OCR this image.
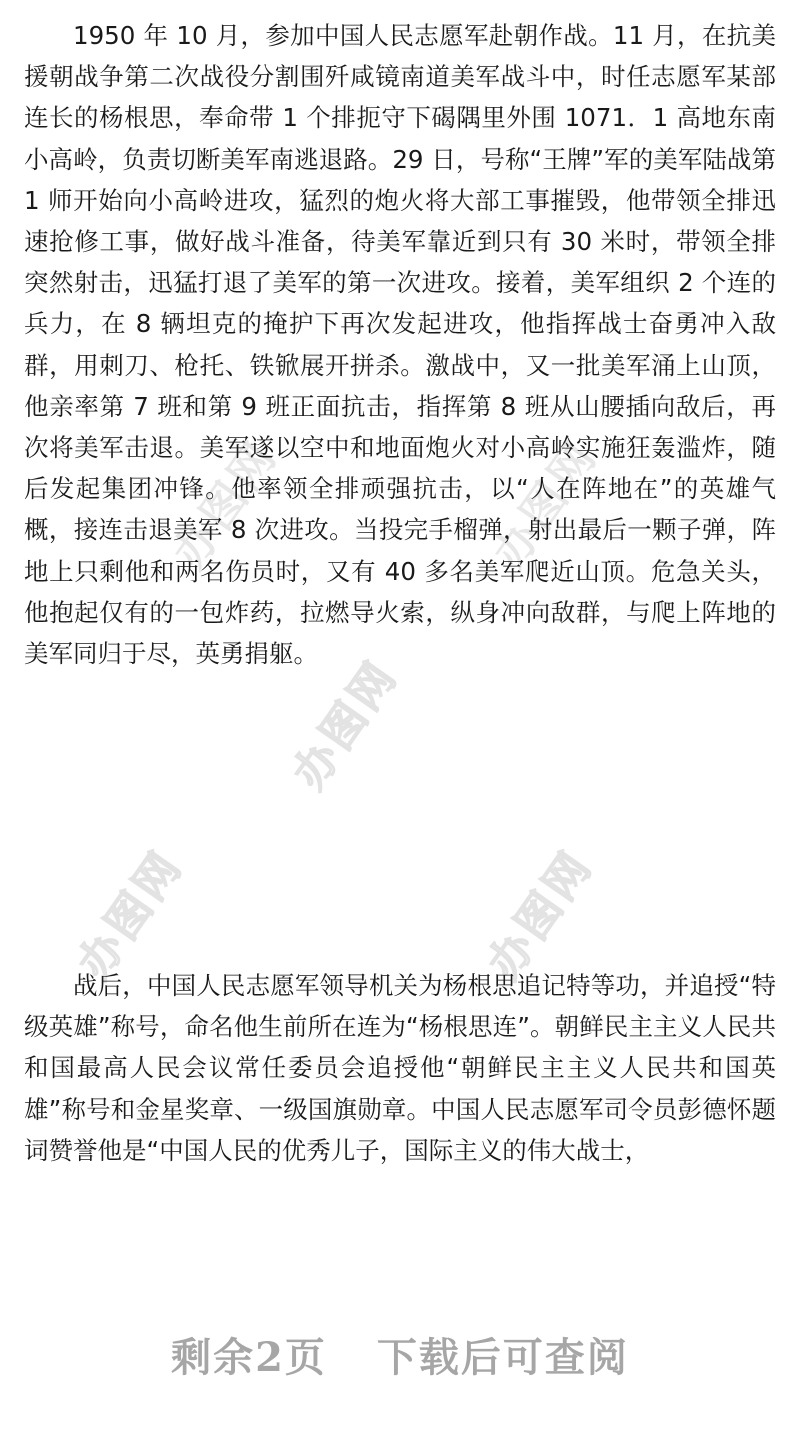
办图网	办图网
办图网
办图网	办图网

1950 年 10 月，参加中国人民志愿军赴朝作战。11 月，在抗美援朝战争第二次战役分割围歼咸镜南道美军战斗中，时任志愿军某部连长的杨根思，奉命带 1 个排扼守下碣隅里外围 1071．1 高地东南小高岭，负责切断美军南逃退路。29 日，号称“王牌”军的美军陆战第 1 师开始向小高岭进攻，猛烈的炮火将大部工事摧毁，他带领全排迅速抢修工事，做好战斗准备，待美军靠近到只有 30 米时，带领全排突然射击，迅猛打退了美军的第一次进攻。接着，美军组织 2 个连的兵力，在 8 辆坦克的掩护下再次发起进攻，他指挥战士奋勇冲入敌群，用刺刀、枪托、铁锨展开拼杀。激战中，又一批美军涌上山顶，他亲率第 7 班和第 9 班正面抗击，指挥第 8 班从山腰插向敌后，再次将美军击退。美军遂以空中和地面炮火对小高岭实施狂轰滥炸，随后发起集团冲锋。他率领全排顽强抗击，以“人在阵地在”的英雄气概，接连击退美军 8 次进攻。当投完手榴弹，射出最后一颗子弹，阵地上只剩他和两名伤员时，又有 40 多名美军爬近山顶。危急关头，他抱起仅有的一包炸药，拉燃导火索，纵身冲向敌群，与爬上阵地的美军同归于尽，英勇捐躯。

战后，中国人民志愿军领导机关为杨根思追记特等功，并追授“特级英雄”称号，命名他生前所在连为“杨根思连”。朝鲜民主主义人民共和国最高人民会议常任委员会追授他“朝鲜民主主义人民共和国英雄”称号和金星奖章、一级国旗勋章。中国人民志愿军司令员彭德怀题词赞誉他是“中国人民的优秀儿子，国际主义的伟大战士，

剩余2页 下载后可查阅
